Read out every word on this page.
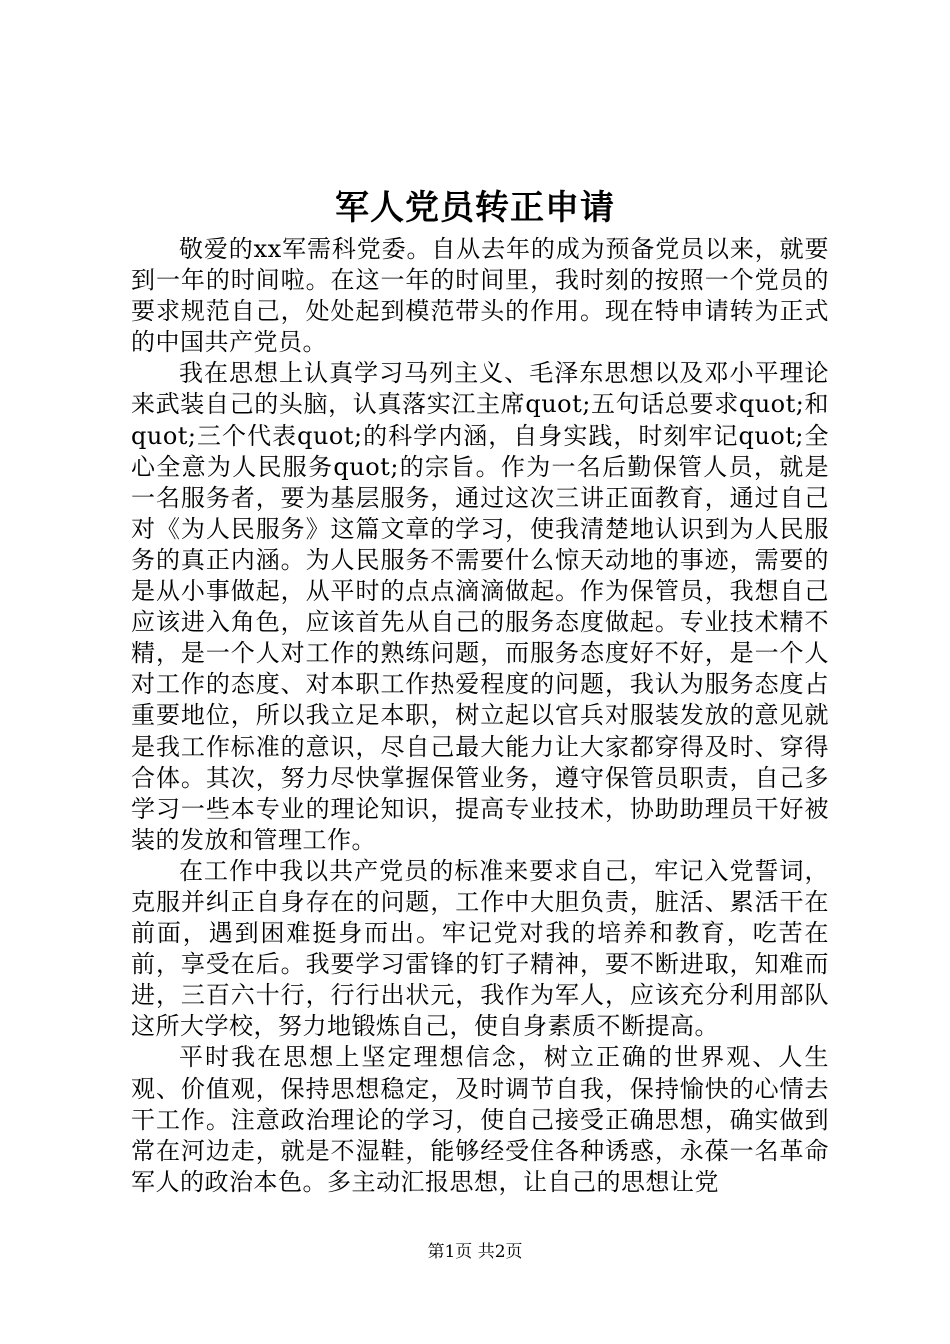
军人党员转正申请

敬爱的xx军需科党委。自从去年的成为预备党员以来，就要到一年的时间啦。在这一年的时间里，我时刻的按照一个党员的要求规范自己，处处起到模范带头的作用。现在特申请转为正式的中国共产党员。

我在思想上认真学习马列主义、毛泽东思想以及邓小平理论来武装自己的头脑，认真落实江主席quot;五句话总要求quot;和quot;三个代表quot;的科学内涵，自身实践，时刻牢记quot;全心全意为人民服务quot;的宗旨。作为一名后勤保管人员，就是一名服务者，要为基层服务，通过这次三讲正面教育，通过自己对《为人民服务》这篇文章的学习，使我清楚地认识到为人民服务的真正内涵。为人民服务不需要什么惊天动地的事迹，需要的是从小事做起，从平时的点点滴滴做起。作为保管员，我想自己应该进入角色，应该首先从自己的服务态度做起。专业技术精不精，是一个人对工作的熟练问题，而服务态度好不好，是一个人对工作的态度、对本职工作热爱程度的问题，我认为服务态度占重要地位，所以我立足本职，树立起以官兵对服装发放的意见就是我工作标准的意识，尽自己最大能力让大家都穿得及时、穿得合体。其次，努力尽快掌握保管业务，遵守保管员职责，自己多学习一些本专业的理论知识，提高专业技术，协助助理员干好被装的发放和管理工作。

在工作中我以共产党员的标准来要求自己，牢记入党誓词，克服并纠正自身存在的问题，工作中大胆负责，脏活、累活干在前面，遇到困难挺身而出。牢记党对我的培养和教育，吃苦在前，享受在后。我要学习雷锋的钉子精神，要不断进取，知难而进，三百六十行，行行出状元，我作为军人，应该充分利用部队这所大学校，努力地锻炼自己，使自身素质不断提高。

平时我在思想上坚定理想信念，树立正确的世界观、人生观、价值观，保持思想稳定，及时调节自我，保持愉快的心情去干工作。注意政治理论的学习，使自己接受正确思想，确实做到常在河边走，就是不湿鞋，能够经受住各种诱惑，永葆一名革命军人的政治本色。多主动汇报思想，让自己的思想让党

第1页 共2页
